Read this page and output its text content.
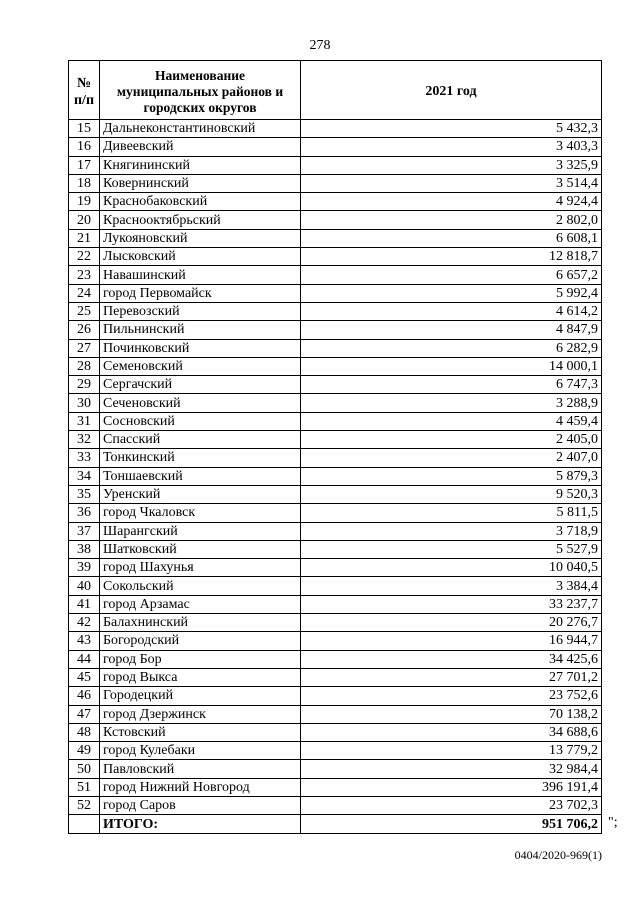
278
№ п/п	Наименование муниципальных районов и городских округов	2021 год
15	Дальнеконстантиновский	5 432,3
16	Дивеевский	3 403,3
17	Княгининский	3 325,9
18	Ковернинский	3 514,4
19	Краснобаковский	4 924,4
20	Краснооктябрьский	2 802,0
21	Лукояновский	6 608,1
22	Лысковский	12 818,7
23	Навашинский	6 657,2
24	город Первомайск	5 992,4
25	Перевозский	4 614,2
26	Пильнинский	4 847,9
27	Починковский	6 282,9
28	Семеновский	14 000,1
29	Сергачский	6 747,3
30	Сеченовский	3 288,9
31	Сосновский	4 459,4
32	Спасский	2 405,0
33	Тонкинский	2 407,0
34	Тоншаевский	5 879,3
35	Уренский	9 520,3
36	город Чкаловск	5 811,5
37	Шарангский	3 718,9
38	Шатковский	5 527,9
39	город Шахунья	10 040,5
40	Сокольский	3 384,4
41	город Арзамас	33 237,7
42	Балахнинский	20 276,7
43	Богородский	16 944,7
44	город Бор	34 425,6
45	город Выкса	27 701,2
46	Городецкий	23 752,6
47	город Дзержинск	70 138,2
48	Кстовский	34 688,6
49	город Кулебаки	13 779,2
50	Павловский	32 984,4
51	город Нижний Новгород	396 191,4
52	город Саров	23 702,3
	ИТОГО:	951 706,2 ";
0404/2020-969(1)
